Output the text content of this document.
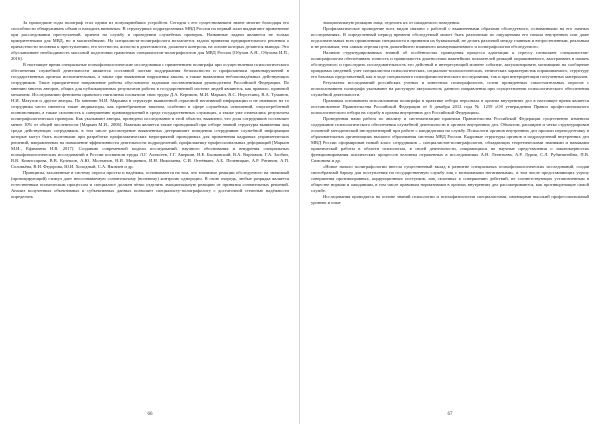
За прошедшие годы полиграф стал одним из популярнейших устройств. Сегодня с его существованием знают многие благодаря его способности обнаруживать обман и находить виновных. В структурных подразделениях МВД России на первый план выдвигают применение при расследовании преступлений, причем на службу и проведении служебных проверок. Названные задачи являются не только приоритетными для МВД, но и масштабными. На специалиста-полиграфолога возлагается задача принятия предварительного решения о причастности человека к преступлению, его честности, ясности в деятельности, должного контроля, на основе которых делаются выводы. Это обуславливает необходимость массовой подготовки грамотных специалистов-полиграфологов для МВД России [Обухов А.Н., Обухова И.П., 2016].

В настоящее время специальные психофизиологические исследования с применением полиграфа при осуществлении психологического обеспечения служебной деятельности являются составной частью поддержания безопасности и профилактики правонарушений в государственных органах исполнительных, а также при выявлении нарушения закона, а также выявлении неблагонадёжных действующих сотрудников. Такое приоритетное направление работы обусловлено задачами поставленными руководством Российской Федерации. По мнению многих авторов, общих для публикационных результатов работы в государственной системе людей являются, как правило, правовой механизм. Исследованию феномена правового нигилизма посвятили свои труды Д.А. Керимов, М.И. Марьин, В.С. Нерсесянц, В.А. Туманов, Н.И. Матузов и другие авторы. По мнению М.И. Марьина в структуре выявленной серьезной негативной информации и не имевших на то сотрудника часто имеются такие индикаторы, как пренебрежение законом, особенно в сфере служебных отношений, злоупотреблений полномочиями, а также склонность к совершению правонарушений в среде государственных служащих, а также уже отмечались результаты полиграфологических проверок. Как указывают авторы, проведено исследование в этой области, выявлено, что доля сотрудников составляет менее 10% от общей численности [Марьин М.И., 2006]. Важным является также проводимый при отборе знаний структуры выявления лиц среди действующих сотрудников, в том числе рассмотрение выявленных детерминант поведения сотрудников служебной информации которые могут быть полезными при разработке профилактических мероприятий проводимых для применения кадровых управленческих решений, направленных на повышение эффективности деятельности подразделений, профилактику профессиональных деформаций [Марьин М.И., Ефимовна Н.В. 2017]. Созданию современной модели исследований, научного обоснования и внедрения специальных психофизиологических исследований в России посвятили труды Л.Г. Алексеев, Г.Г. Аверкин, И.Е. Былковский, В.А. Варламов, Г.А. Злобин, В.В. Комиссарова, В.В. Кулешов, А.Ю. Молчанов, Н.И. Мицкевич, И.Н. Николаева, С.И. Огнёвкин, А.Б. Пеленицын, А.Р. Ратинов, А.П. Соловьёва, В.Н. Федорова, Ю.И. Холодный, С.А. Яковлев и др.

Принципы, заложенные в систему опроса просты и надёжны, основываются на том, что значимые реакции обследуемого на значимый (провоцирующий) стимул дает неосознаваемую сознательному (волевому) контролю однородно. В свою очередь, любые разрядка является естественным психическим процессом и специалист должен чётко отделить эмоциональную реакцию от принятия сознательных решений. Анализ полученных объективных и субъективных данных позволяет специалисту-полиграфологу с достаточной степенью надёжности определить

66

эмоциональную реакцию лица, отделить их от ожидаемого поведения.

Профилактическое проведение всех видов связано с работой с выявленными образами обследуемого, основанными на его личных исследованиях. В определенный период времени обследуемый может быть различным по ощущениям его начала внутренних или даже подсознательных всех проявлениям специалиста в принятии их буквальный, не делать различий между главным и второстепенным, реальным и не реальным, тем самым отрезая пути дальнейшего взаимного коммуникативного и полиграфологии обследуемого.

Наличие структурированных знаний об особенностях проведения процесса адаптации к стрессу позволяют специалистам-полиграфологам обеспечивать точность и правильность диагностики важнейших показателей реакций опрашиваемого, выстраивать в память обследуемого и проследить последовательность его действий в интересующий момент событие, актуализировать мотивацию на сообщение правдивых сведений, учет специалистом психологических, социально-психологических, этнических характеристик опрашиваемого, структуру его базовых представлений, как в ходе специального психофизиологического исследования, так и при интерпретации полученных материалов.

Результаты исследований российских ученых и известных полиграфологов, сотни проведенных самостоятельных опросов с использованием полиграфа указывают на растущую актуальность данного направления при осуществлении психологического обеспечения служебной деятельности.

Правовым основанием использования полиграфа в практике отбора персонала в органы внутренних дел в настоящее время является постановление Правительства Российской Федерации от 6 декабря 2012 года № 1259 «Об утверждении Правил профессионального психологического отбора на службу в органы внутренних дел Российской Федерации».

Проведенная нами работа по анализу и систематизации практики Правительства Российской Федерации существенно изменила содержание психологического обеспечения служебной деятельности в органах внутренних дел. Объектом, расширен и четко структурирован основной методический инструментарий при работе с кандидатами на службу. Психологи органов внутренних дел прошли переподготовку в образовательных организациях высшего образования системы МВД России. Кадровые структуры органов и подразделений внутренних дел МВД России сформирован новый класс сотрудников – специалистов-полиграфологов, обладающих теоретическими знаниями и навыками практической работы в области психологии, в своей деятельности, опирающихся на научные представления о закономерностях функционирования психических процессов человека отраженных в исследованиях А.Н. Леонтьева, А.Р. Лурия, С.Л. Рубинштейна, П.В. Симонова и др.

«Новое начало полиграфологии внесла существенный вклад в развитие специальных психофизиологических исследований, создав своеобразный барьер для поступления на государственную службу лиц с возможными негативными», в том числе представляющих угрозу совершения противоправных, коррупционных поступков, лиц склонных к совершению действий, не соответствующих установленным в обществе нормам и ожиданиям, в том числе правовым нормативами в органах внутренних дел рассматриваются, как противоречащие самой службе.

Исследования проводятся на основе знаний психологии и психофизиологии специалистами, имеющими высокий профессиональный уровень и опыт

67
